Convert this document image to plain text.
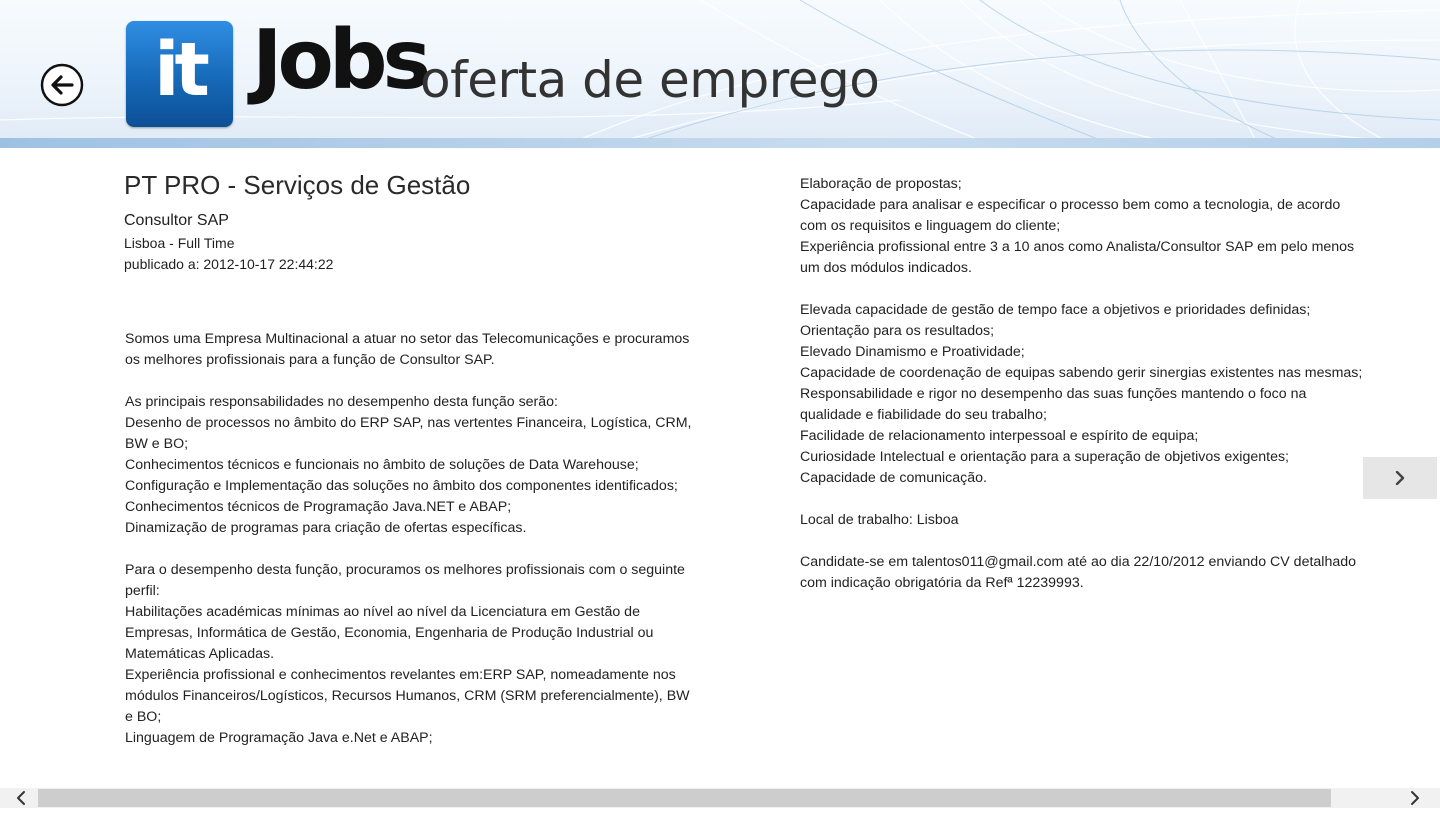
it Jobs
oferta de emprego
PT PRO - Serviços de Gestão
Consultor SAP
Lisboa - Full Time
publicado a: 2012-10-17 22:44:22

Somos uma Empresa Multinacional a atuar no setor das Telecomunicações e procuramos

os melhores profissionais para a função de Consultor SAP.

As principais responsabilidades no desempenho desta função serão:

Desenho de processos no âmbito do ERP SAP, nas vertentes Financeira, Logística, CRM,

BW e BO;

Conhecimentos técnicos e funcionais no âmbito de soluções de Data Warehouse;

Configuração e Implementação das soluções no âmbito dos componentes identificados;

Conhecimentos técnicos de Programação Java.NET e ABAP;

Dinamização de programas para criação de ofertas específicas.

Para o desempenho desta função, procuramos os melhores profissionais com o seguinte

perfil:

Habilitações académicas mínimas ao nível ao nível da Licenciatura em Gestão de

Empresas, Informática de Gestão, Economia, Engenharia de Produção Industrial ou

Matemáticas Aplicadas.

Experiência profissional e conhecimentos revelantes em:ERP SAP, nomeadamente nos

módulos Financeiros/Logísticos, Recursos Humanos, CRM (SRM preferencialmente), BW

e BO;

Linguagem de Programação Java e.Net e ABAP;

Elaboração de propostas;

Capacidade para analisar e especificar o processo bem como a tecnologia, de acordo

com os requisitos e linguagem do cliente;

Experiência profissional entre 3 a 10 anos como Analista/Consultor SAP em pelo menos

um dos módulos indicados.

Elevada capacidade de gestão de tempo face a objetivos e prioridades definidas;

Orientação para os resultados;

Elevado Dinamismo e Proatividade;

Capacidade de coordenação de equipas sabendo gerir sinergias existentes nas mesmas;

Responsabilidade e rigor no desempenho das suas funções mantendo o foco na

qualidade e fiabilidade do seu trabalho;

Facilidade de relacionamento interpessoal e espírito de equipa;

Curiosidade Intelectual e orientação para a superação de objetivos exigentes;

Capacidade de comunicação.

Local de trabalho: Lisboa

Candidate-se em talentos011@gmail.com até ao dia 22/10/2012 enviando CV detalhado

com indicação obrigatória da Refª 12239993.
